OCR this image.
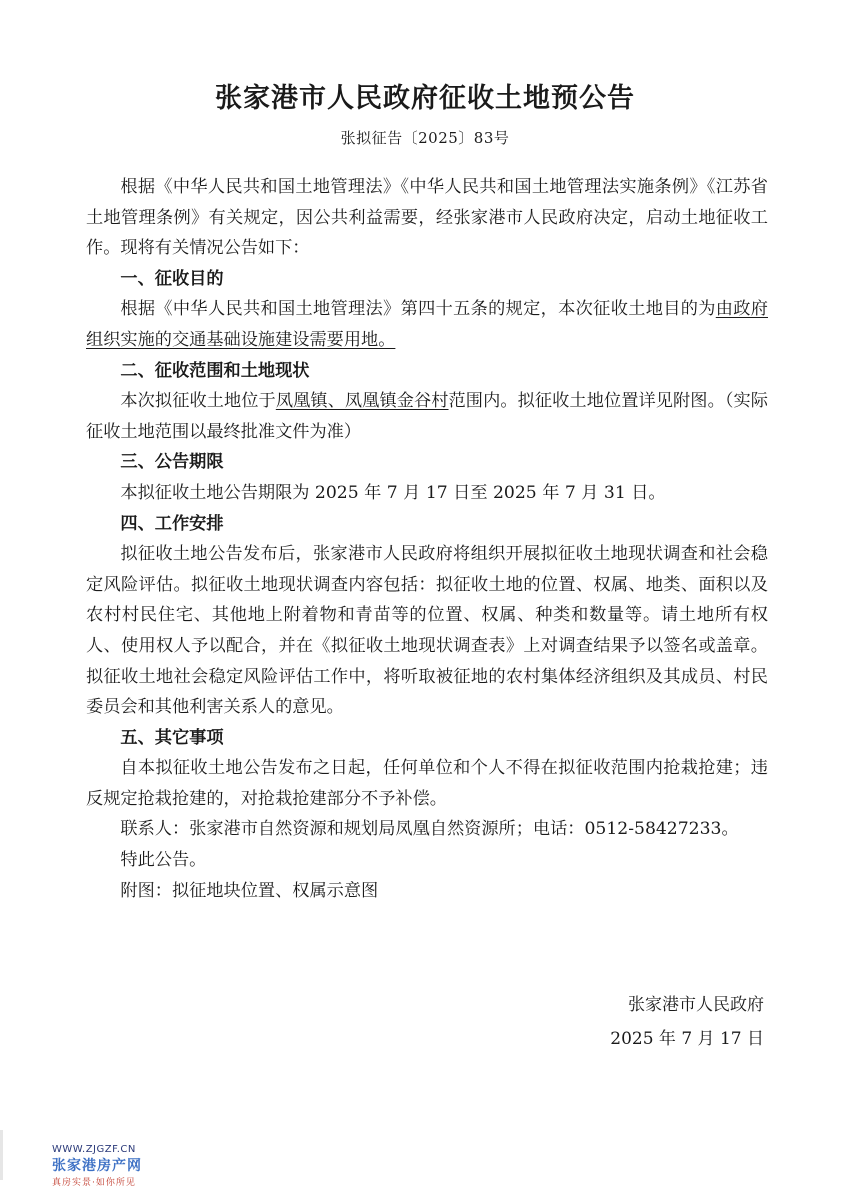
张家港市人民政府征收土地预公告
张拟征告〔2025〕83号

根据《中华人民共和国土地管理法》《中华人民共和国土地管理法实施条例》《江苏省土地管理条例》有关规定，因公共利益需要，经张家港市人民政府决定，启动土地征收工作。现将有关情况公告如下：

一、征收目的

根据《中华人民共和国土地管理法》第四十五条的规定，本次征收土地目的为由政府组织实施的交通基础设施建设需要用地。

二、征收范围和土地现状

本次拟征收土地位于凤凰镇、凤凰镇金谷村范围内。拟征收土地位置详见附图。（实际征收土地范围以最终批准文件为准）

三、公告期限

本拟征收土地公告期限为 2025 年 7 月 17 日至 2025 年 7 月 31 日。

四、工作安排

拟征收土地公告发布后，张家港市人民政府将组织开展拟征收土地现状调查和社会稳定风险评估。拟征收土地现状调查内容包括：拟征收土地的位置、权属、地类、面积以及农村村民住宅、其他地上附着物和青苗等的位置、权属、种类和数量等。请土地所有权人、使用权人予以配合，并在《拟征收土地现状调查表》上对调查结果予以签名或盖章。拟征收土地社会稳定风险评估工作中，将听取被征地的农村集体经济组织及其成员、村民委员会和其他利害关系人的意见。

五、其它事项

自本拟征收土地公告发布之日起，任何单位和个人不得在拟征收范围内抢栽抢建；违反规定抢栽抢建的，对抢栽抢建部分不予补偿。

联系人：张家港市自然资源和规划局凤凰自然资源所；电话：0512-58427233。

特此公告。

附图：拟征地块位置、权属示意图

张家港市人民政府
2025 年 7 月 17 日
WWW.ZJGZF.CN
张家港房产网
真房实景·如你所见
